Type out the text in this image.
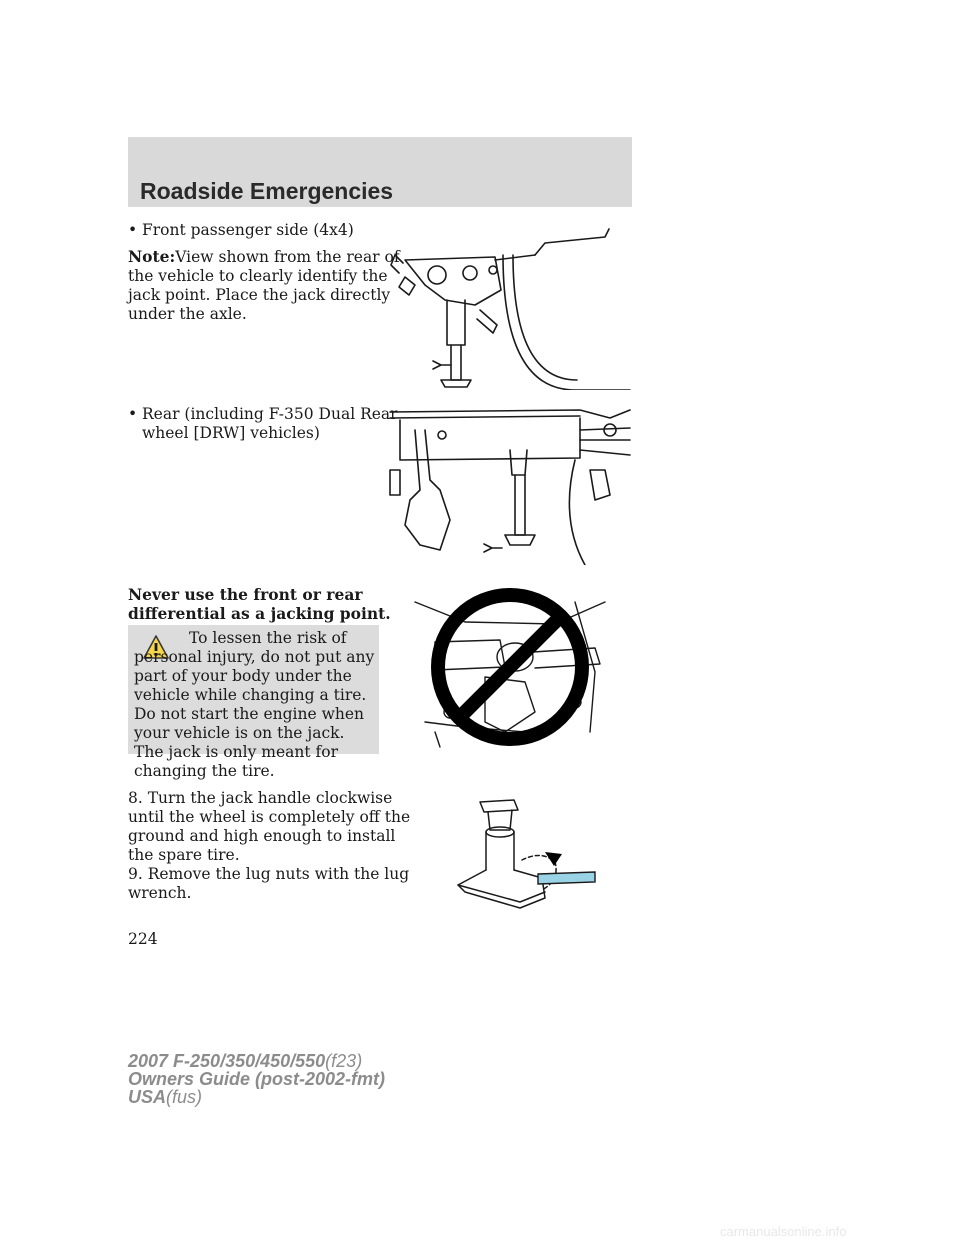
Roadside Emergencies
• Front passenger side (4x4)
Note:View shown from the rear of
the vehicle to clearly identify the
jack point. Place the jack directly
under the axle.
• Rear (including F-350 Dual Rear
wheel [DRW] vehicles)
Never use the front or rear
differential as a jacking point.
To lessen the risk of personal injury, do not put any part of your body under the vehicle while changing a tire. Do not start the engine when your vehicle is on the jack. The jack is only meant for changing the tire.
8. Turn the jack handle clockwise
until the wheel is completely off the
ground and high enough to install
the spare tire.
9. Remove the lug nuts with the lug
wrench.
224
2007 F-250/350/450/550(f23)
Owners Guide (post-2002-fmt)
USA(fus)
carmanualsonline.info
